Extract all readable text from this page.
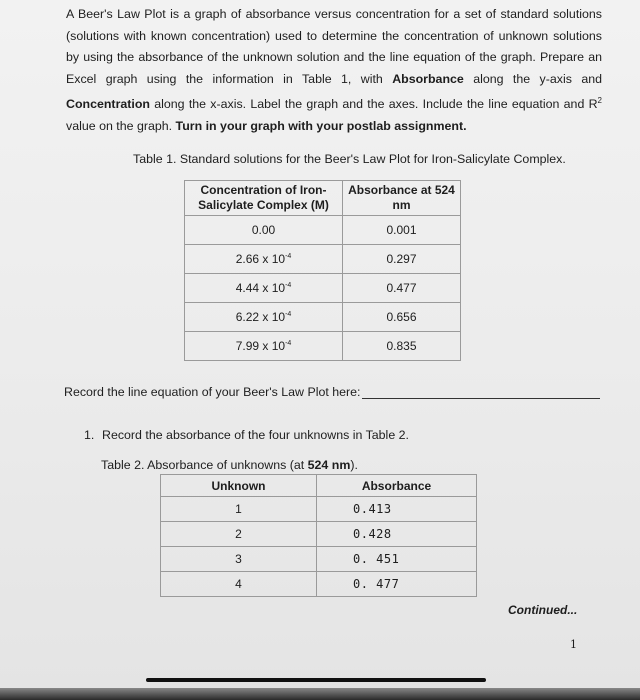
A Beer's Law Plot is a graph of absorbance versus concentration for a set of standard solutions (solutions with known concentration) used to determine the concentration of unknown solutions by using the absorbance of the unknown solution and the line equation of the graph. Prepare an Excel graph using the information in Table 1, with Absorbance along the y-axis and Concentration along the x-axis. Label the graph and the axes. Include the line equation and $R^2$ value on the graph. Turn in your graph with your postlab assignment.
Table 1. Standard solutions for the Beer's Law Plot for Iron-Salicylate Complex.
Concentration of Iron-Salicylate Complex (M)	Absorbance at 524 nm
0.00	0.001
2.66 x $10^{-4}$	0.297
4.44 x $10^{-4}$	0.477
6.22 x $10^{-4}$	0.656
7.99 x $10^{-4}$	0.835
Record the line equation of your Beer's Law Plot here:
1. Record the absorbance of the four unknowns in Table 2.
Table 2. Absorbance of unknowns (at 524 nm).
Unknown	Absorbance
1	0.413
2	0.428
3	0. 451
4	0. 477
Continued...
1
